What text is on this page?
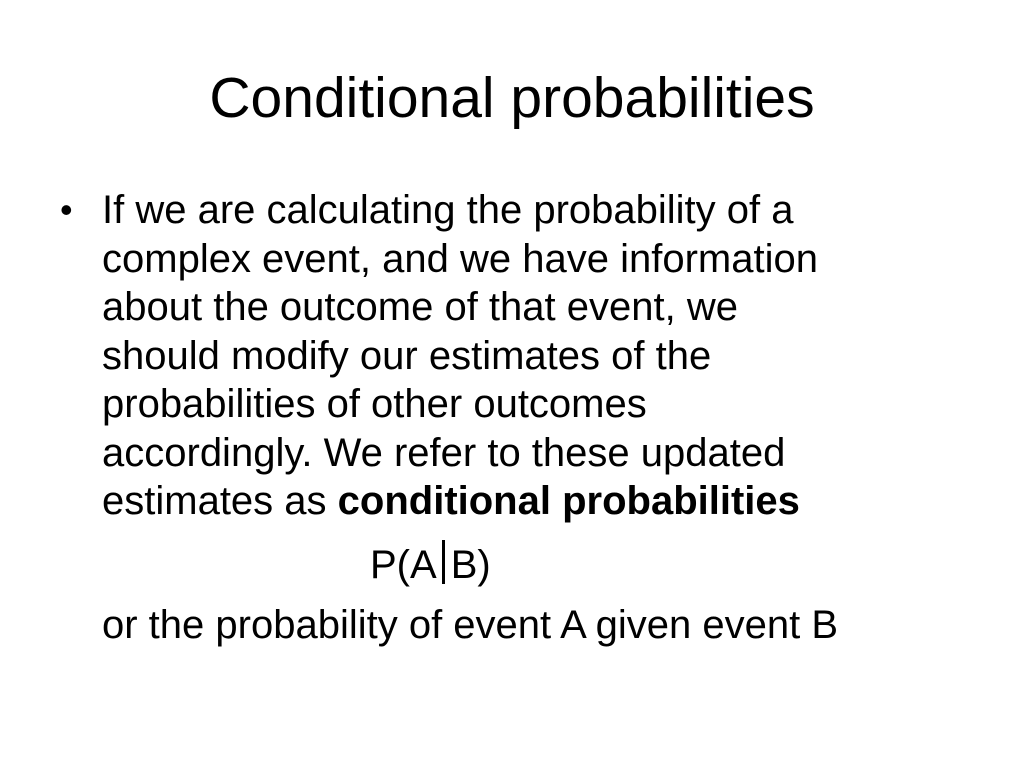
Conditional probabilities
• If we are calculating the probability of a
complex event, and we have information
about the outcome of that event, we
should modify our estimates of the
probabilities of other outcomes
accordingly. We refer to these updated
estimates as conditional probabilities

P(A B)
or the probability of event A given event B
